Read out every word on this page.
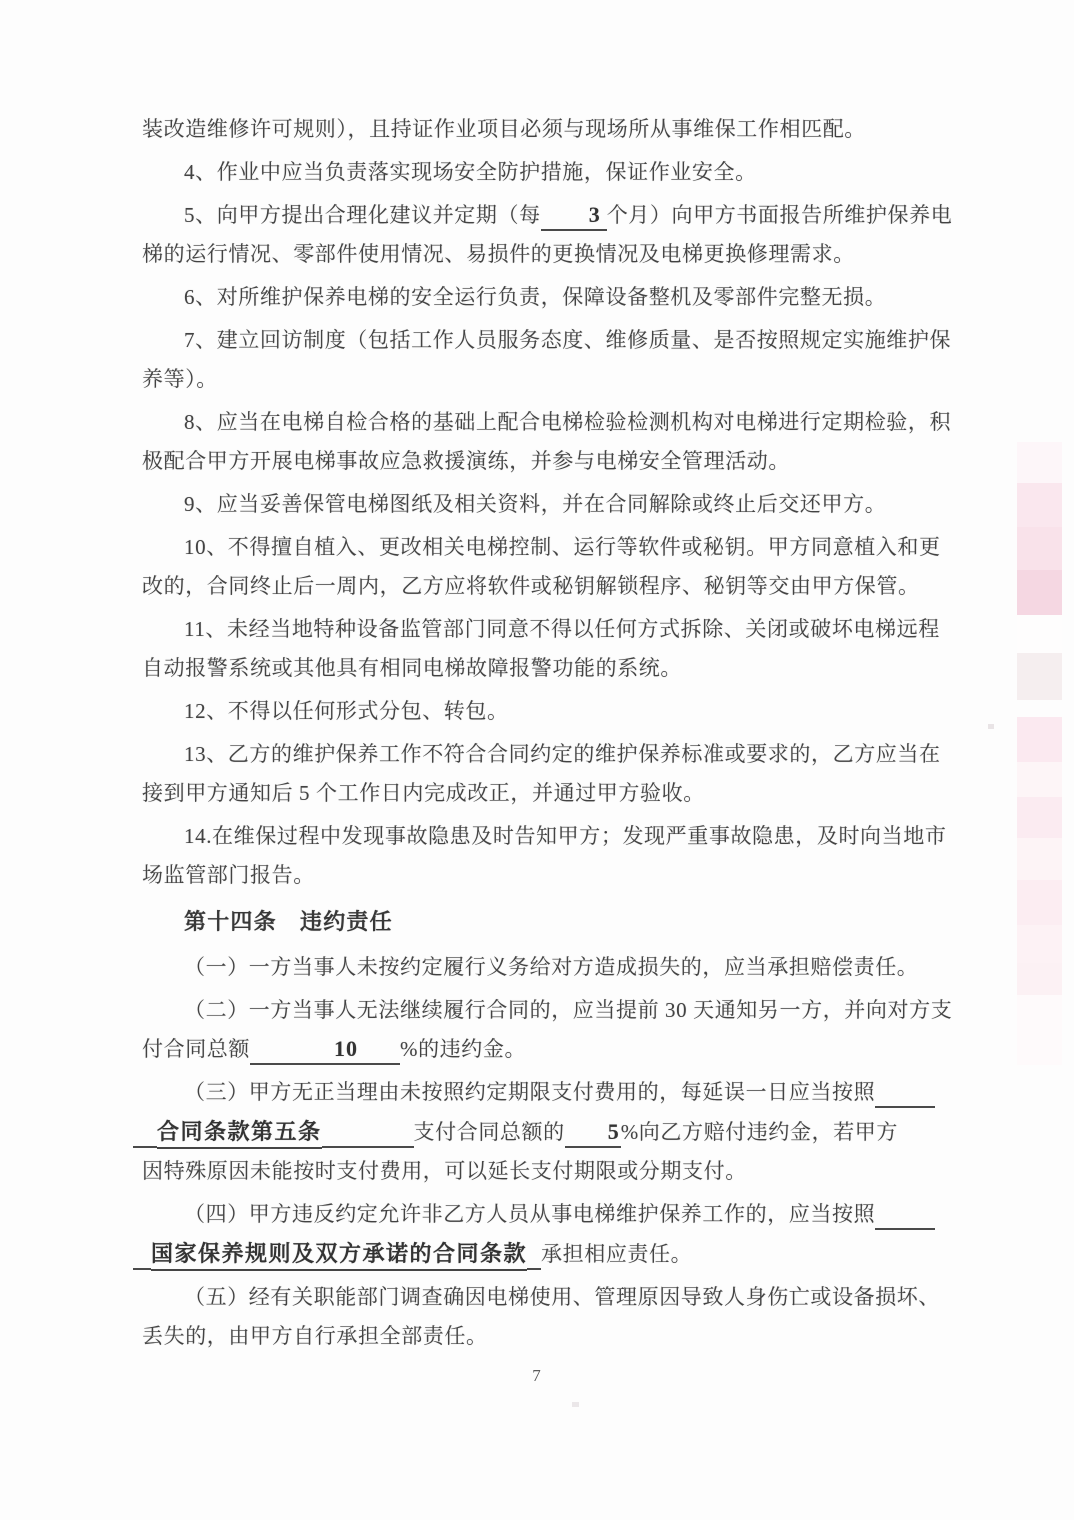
装改造维修许可规则），且持证作业项目必须与现场所从事维保工作相匹配。

4、作业中应当负责落实现场安全防护措施，保证作业安全。

5、向甲方提出合理化建议并定期（每 3 个月）向甲方书面报告所维护保养电梯的运行情况、零部件使用情况、易损件的更换情况及电梯更换修理需求。

6、对所维护保养电梯的安全运行负责，保障设备整机及零部件完整无损。

7、建立回访制度（包括工作人员服务态度、维修质量、是否按照规定实施维护保养等）。

8、应当在电梯自检合格的基础上配合电梯检验检测机构对电梯进行定期检验，积极配合甲方开展电梯事故应急救援演练，并参与电梯安全管理活动。

9、应当妥善保管电梯图纸及相关资料，并在合同解除或终止后交还甲方。

10、不得擅自植入、更改相关电梯控制、运行等软件或秘钥。甲方同意植入和更改的，合同终止后一周内，乙方应将软件或秘钥解锁程序、秘钥等交由甲方保管。

11、未经当地特种设备监管部门同意不得以任何方式拆除、关闭或破坏电梯远程自动报警系统或其他具有相同电梯故障报警功能的系统。

12、不得以任何形式分包、转包。

13、乙方的维护保养工作不符合合同约定的维护保养标准或要求的，乙方应当在接到甲方通知后 5 个工作日内完成改正，并通过甲方验收。

14.在维保过程中发现事故隐患及时告知甲方；发现严重事故隐患，及时向当地市场监管部门报告。

第十四条　违约责任

（一）一方当事人未按约定履行义务给对方造成损失的，应当承担赔偿责任。

（二）一方当事人无法继续履行合同的，应当提前 30 天通知另一方，并向对方支付合同总额	10 %的违约金。

（三）甲方无正当理由未按照约定期限支付费用的，每延误一日应当按照
合同条款第五条	支付合同总额的 5%向乙方赔付违约金，若甲方
因特殊原因未能按时支付费用，可以延长支付期限或分期支付。

（四）甲方违反约定允许非乙方人员从事电梯维护保养工作的，应当按照
国家保养规则及双方承诺的合同条款 承担相应责任。

（五）经有关职能部门调查确因电梯使用、管理原因导致人身伤亡或设备损坏、丢失的，由甲方自行承担全部责任。

7
